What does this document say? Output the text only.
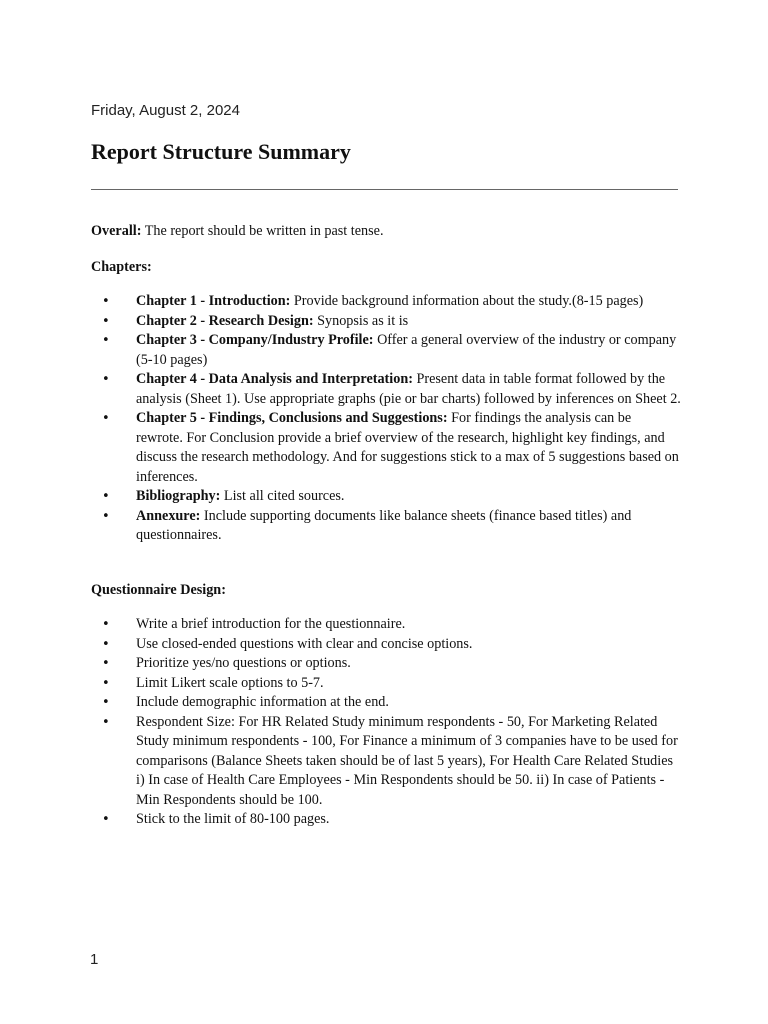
Friday, August 2, 2024
Report Structure Summary

Overall: The report should be written in past tense.

Chapters:

• Chapter 1 - Introduction: Provide background information about the study.(8-15 pages)
• Chapter 2 - Research Design: Synopsis as it is
• Chapter 3 - Company/Industry Profile: Offer a general overview of the industry or company (5-10 pages)
• Chapter 4 - Data Analysis and Interpretation: Present data in table format followed by the analysis (Sheet 1). Use appropriate graphs (pie or bar charts) followed by inferences on Sheet 2.
• Chapter 5 - Findings, Conclusions and Suggestions: For findings the analysis can be rewrote. For Conclusion provide a brief overview of the research, highlight key findings, and discuss the research methodology. And for suggestions stick to a max of 5 suggestions based on inferences.
• Bibliography: List all cited sources.
• Annexure: Include supporting documents like balance sheets (finance based titles) and questionnaires.

Questionnaire Design:

• Write a brief introduction for the questionnaire.
• Use closed-ended questions with clear and concise options.
• Prioritize yes/no questions or options.
• Limit Likert scale options to 5-7.
• Include demographic information at the end.
• Respondent Size: For HR Related Study minimum respondents - 50, For Marketing Related Study minimum respondents - 100, For Finance a minimum of 3 companies have to be used for comparisons (Balance Sheets taken should be of last 5 years), For Health Care Related Studies i) In case of Health Care Employees - Min Respondents should be 50. ii) In case of Patients - Min Respondents should be 100.
• Stick to the limit of 80-100 pages.
1
